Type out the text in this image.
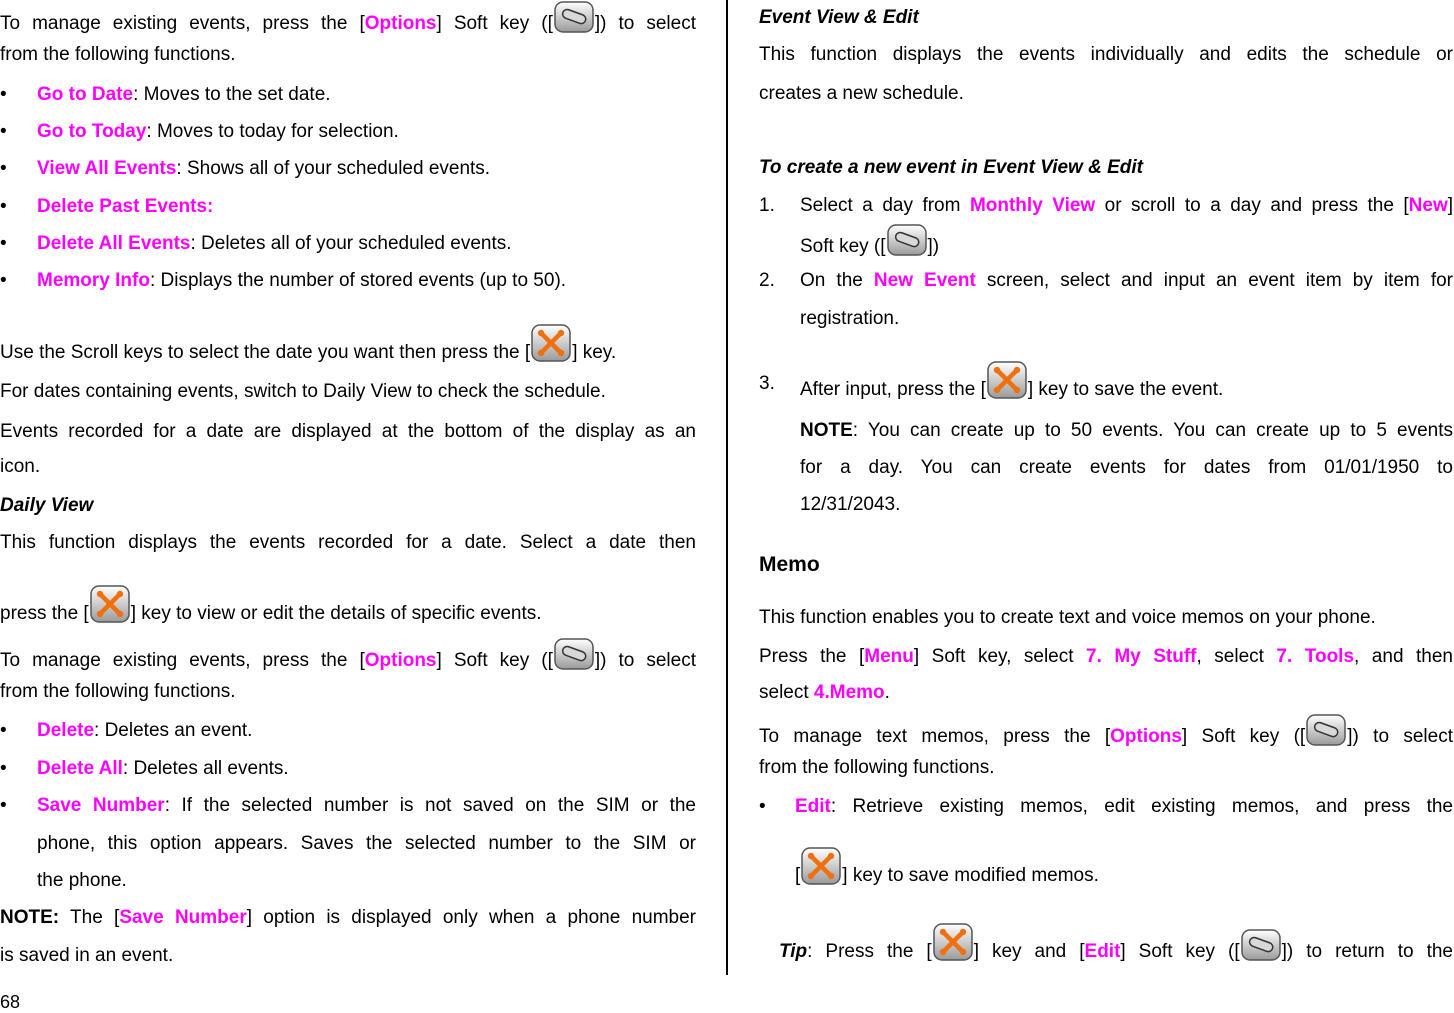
To manage existing events, press the [Options] Soft key ([ ]) to select
from the following functions.
• Go to Date: Moves to the set date.
• Go to Today: Moves to today for selection.
• View All Events: Shows all of your scheduled events.
• Delete Past Events:
• Delete All Events: Deletes all of your scheduled events.
• Memory Info: Displays the number of stored events (up to 50).
Use the Scroll keys to select the date you want then press the [ ] key.
For dates containing events, switch to Daily View to check the schedule.
Events recorded for a date are displayed at the bottom of the display as an
icon.
Daily View
This function displays the events recorded for a date. Select a date then
press the [ ] key to view or edit the details of specific events.
To manage existing events, press the [Options] Soft key ([ ]) to select
from the following functions.
• Delete: Deletes an event.
• Delete All: Deletes all events.
• Save Number: If the selected number is not saved on the SIM or the
phone, this option appears. Saves the selected number to the SIM or
the phone.
NOTE: The [Save Number] option is displayed only when a phone number
is saved in an event.
Event View & Edit
This function displays the events individually and edits the schedule or
creates a new schedule.
To create a new event in Event View & Edit
1. Select a day from Monthly View or scroll to a day and press the [New]
Soft key ([ ])
2. On the New Event screen, select and input an event item by item for
registration.
3. After input, press the [ ] key to save the event.
NOTE: You can create up to 50 events. You can create up to 5 events
for a day. You can create events for dates from 01/01/1950 to
12/31/2043.
Memo
This function enables you to create text and voice memos on your phone.
Press the [Menu] Soft key, select 7. My Stuff, select 7. Tools, and then
select 4.Memo.
To manage text memos, press the [Options] Soft key ([ ]) to select
from the following functions.
• Edit: Retrieve existing memos, edit existing memos, and press the
[ ] key to save modified memos.
Tip: Press the [ ] key and [Edit] Soft key ([ ]) to return to the
68
